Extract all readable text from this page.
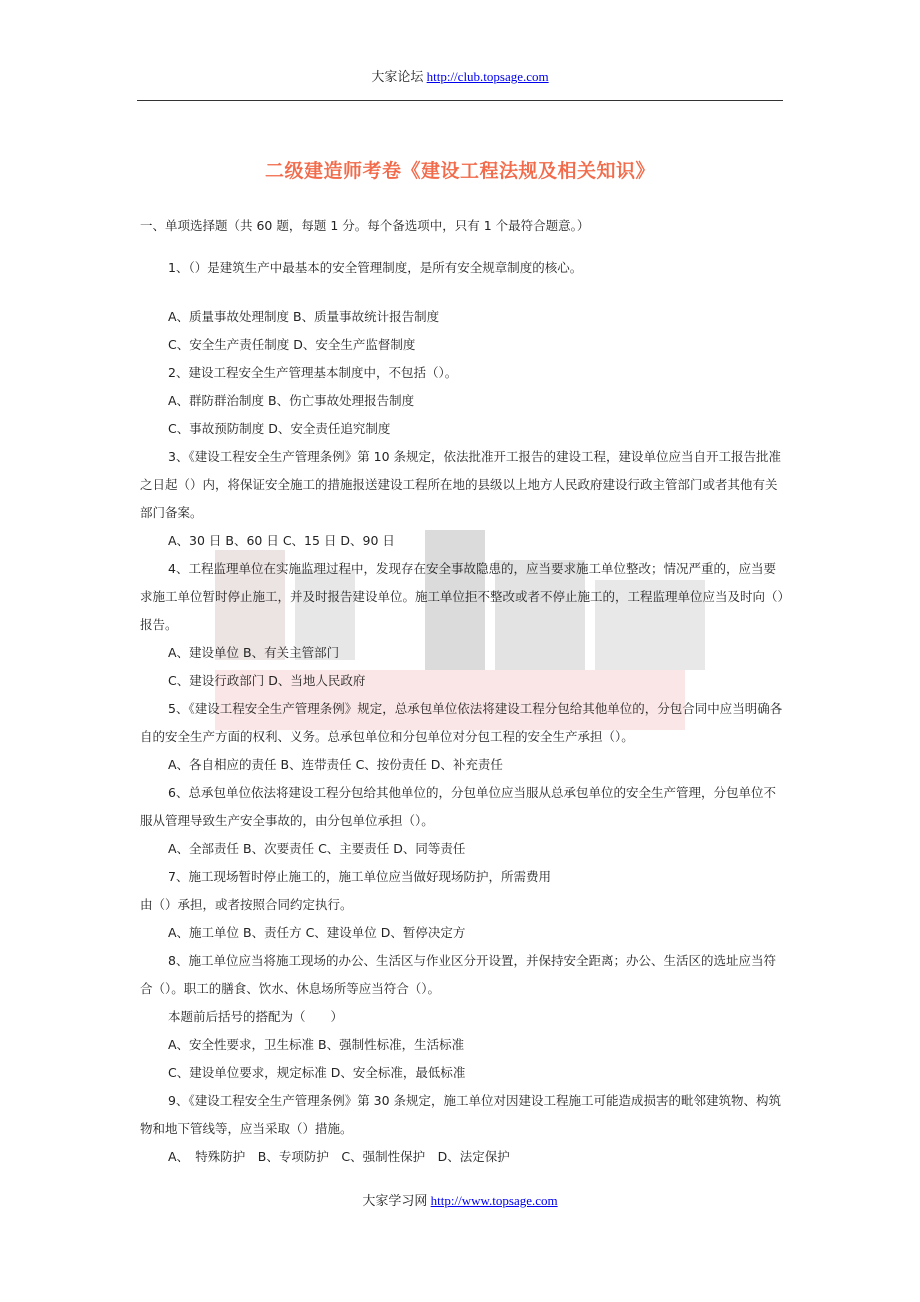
大家论坛 http://club.topsage.com
二级建造师考卷《建设工程法规及相关知识》

一、单项选择题（共 60 题，每题 1 分。每个备选项中，只有 1 个最符合题意。）

1、（）是建筑生产中最基本的安全管理制度，是所有安全规章制度的核心。

A、质量事故处理制度 B、质量事故统计报告制度

C、安全生产责任制度 D、安全生产监督制度

2、建设工程安全生产管理基本制度中，不包括（）。

A、群防群治制度 B、伤亡事故处理报告制度

C、事故预防制度 D、安全责任追究制度

3、《建设工程安全生产管理条例》第 10 条规定，依法批准开工报告的建设工程，建设单位应当自开工报告批准之日起（）内，将保证安全施工的措施报送建设工程所在地的县级以上地方人民政府建设行政主管部门或者其他有关部门备案。

A、30 日 B、60 日 C、15 日 D、90 日

4、工程监理单位在实施监理过程中，发现存在安全事故隐患的，应当要求施工单位整改；情况严重的，应当要求施工单位暂时停止施工，并及时报告建设单位。施工单位拒不整改或者不停止施工的，工程监理单位应当及时向（）报告。

A、建设单位 B、有关主管部门

C、建设行政部门 D、当地人民政府

5、《建设工程安全生产管理条例》规定，总承包单位依法将建设工程分包给其他单位的，分包合同中应当明确各自的安全生产方面的权利、义务。总承包单位和分包单位对分包工程的安全生产承担（）。

A、各自相应的责任 B、连带责任 C、按份责任 D、补充责任

6、总承包单位依法将建设工程分包给其他单位的，分包单位应当服从总承包单位的安全生产管理，分包单位不服从管理导致生产安全事故的，由分包单位承担（）。

A、全部责任 B、次要责任 C、主要责任 D、同等责任

7、施工现场暂时停止施工的，施工单位应当做好现场防护，所需费用

由（）承担，或者按照合同约定执行。

A、施工单位 B、责任方 C、建设单位 D、暂停决定方

8、施工单位应当将施工现场的办公、生活区与作业区分开设置，并保持安全距离；办公、生活区的选址应当符合（）。职工的膳食、饮水、休息场所等应当符合（）。

本题前后括号的搭配为（　　）

A、安全性要求，卫生标准 B、强制性标准，生活标准

C、建设单位要求，规定标准 D、安全标准，最低标准

9、《建设工程安全生产管理条例》第 30 条规定，施工单位对因建设工程施工可能造成损害的毗邻建筑物、构筑物和地下管线等，应当采取（）措施。

A、　特殊防护　B、专项防护　C、强制性保护　D、法定保护

大家学习网 http://www.topsage.com
